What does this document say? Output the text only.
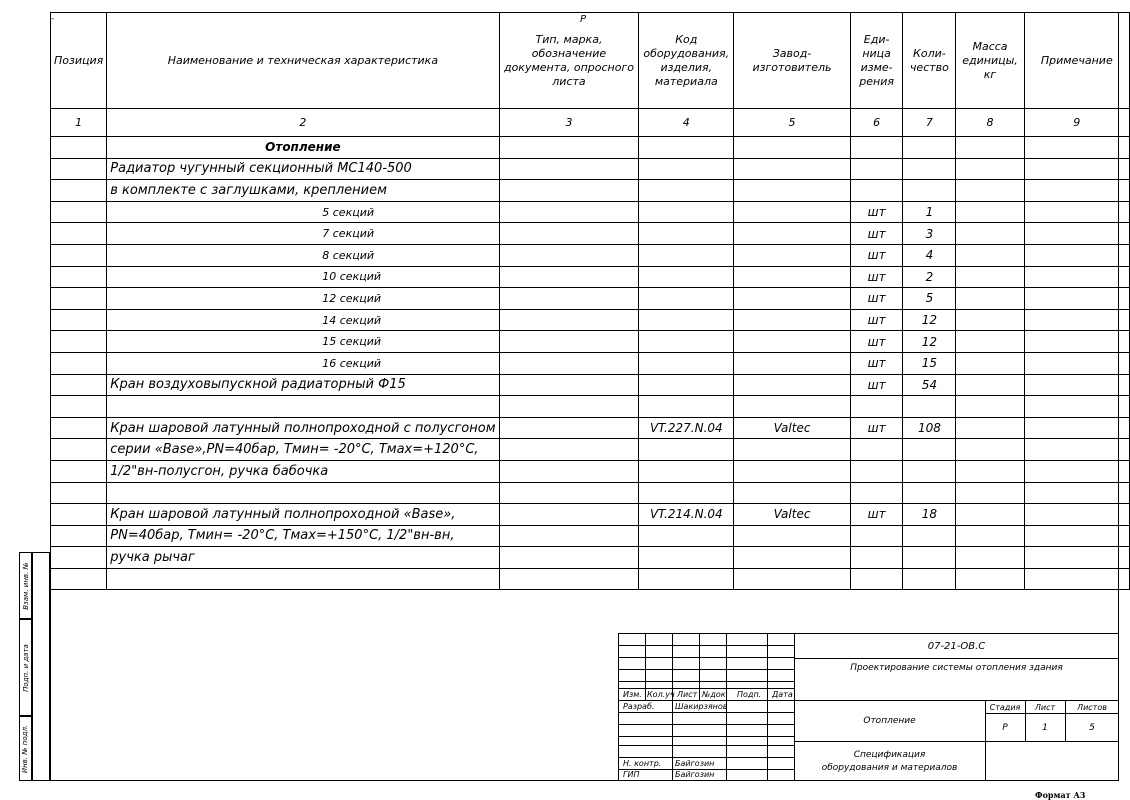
Позиция	Наименование и техническая характеристика	Тип, марка, обозначение документа, опросного листа	Код оборудования, изделия, материала	Завод-изготовитель	Еди-ница изме-рения	Коли-чество	Масса единицы, кг	Примечание
1	2	3	4	5	6	7	8	9
	Отопление							
	Радиатор чугунный секционный МС140-500							
	в комплекте с заглушками, креплением							
	5 секций				шт	1		
	7 секций				шт	3		
	8 секций				шт	4		
	10 секций				шт	2		
	12 секций				шт	5		
	14 секций				шт	12		
	15 секций				шт	12		
	16 секций				шт	15		
	Кран воздуховыпускной радиаторный Ф15				шт	54		

	Кран шаровой латунный полнопроходной с полусгоном		VT.227.N.04	Valtec	шт	108		
	серии «Base»,PN=40бар, Тмин= -20°С, Тмах=+120°С,							
	1/2"вн-полусгон, ручка бабочка							

	Кран шаровой латунный полнопроходной «Base»,		VT.214.N.04	Valtec	шт	18		
	PN=40бар, Тмин= -20°С, Тмах=+150°С, 1/2"вн-вн,							
	ручка рычаг							

-	Р
Взам. инв. №
Подп. и дата
Инв. № подл.
Изм. Кол.уч Лист №док. Подп. Дата
Разраб.	Шакирзянов
Н. контр. Байгозин
ГИП	Байгозин
07-21-ОВ.С
Проектирование системы отопления здания
Отопление
Спецификация
оборудования и материалов
Стадия	Лист	Листов
Р	1	5
Формат А3
